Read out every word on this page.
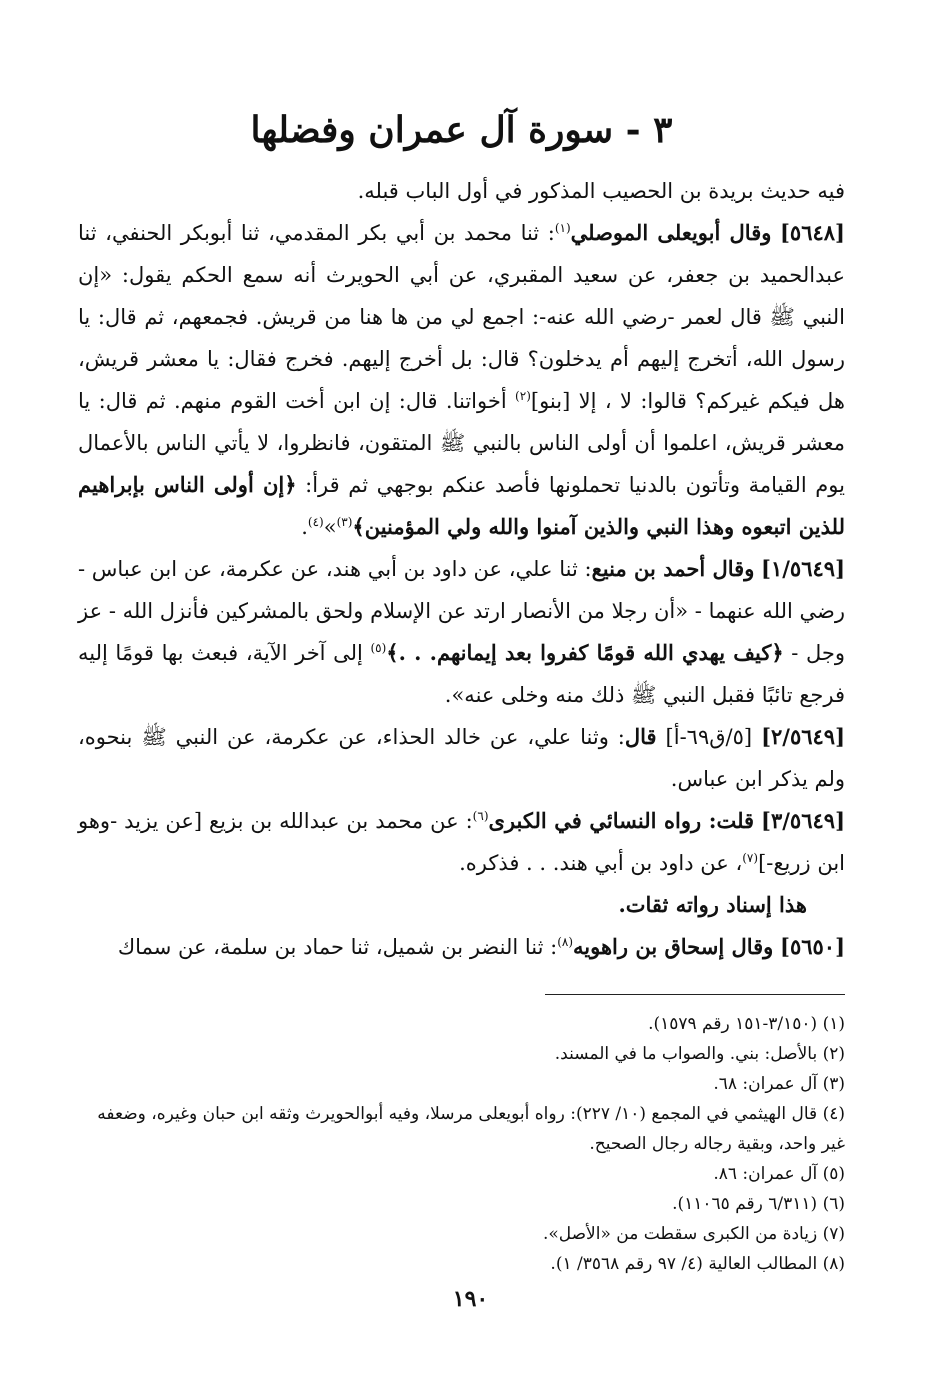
٣ - سورة آل عمران وفضلها

فيه حديث بريدة بن الحصيب المذكور في أول الباب قبله.

[٥٦٤٨] وقال أبويعلى الموصلي$^{(١)}$: ثنا محمد بن أبي بكر المقدمي، ثنا أبوبكر الحنفي، ثنا عبدالحميد بن جعفر، عن سعيد المقبري، عن أبي الحويرث أنه سمع الحكم يقول: «إن النبي ﷺ قال لعمر -رضي الله عنه-: اجمع لي من ها هنا من قريش. فجمعهم، ثم قال: يا رسول الله، أتخرج إليهم أم يدخلون؟ قال: بل أخرج إليهم. فخرج فقال: يا معشر قريش، هل فيكم غيركم؟ قالوا: لا ، إلا [بنو]$^{(٢)}$ أخواتنا. قال: إن ابن أخت القوم منهم. ثم قال: يا معشر قريش، اعلموا أن أولى الناس بالنبي ﷺ المتقون، فانظروا، لا يأتي الناس بالأعمال يوم القيامة وتأتون بالدنيا تحملونها فأصد عنكم بوجهي ثم قرأ: ﴿إن أولى الناس بإبراهيم للذين اتبعوه وهذا النبي والذين آمنوا والله ولي المؤمنين﴾$^{(٣)}$»$^{(٤)}$.

[١/٥٦٤٩] وقال أحمد بن منيع: ثنا علي، عن داود بن أبي هند، عن عكرمة، عن ابن عباس - رضي الله عنهما - «أن رجلا من الأنصار ارتد عن الإسلام ولحق بالمشركين فأنزل الله - عز وجل - ﴿كيف يهدي الله قومًا كفروا بعد إيمانهم. . .﴾$^{(٥)}$ إلى آخر الآية، فبعث بها قومًا إليه فرجع تائبًا فقبل النبي ﷺ ذلك منه وخلى عنه».

[٢/٥٦٤٩] [٥/ق٦٩-أ] قال: وثنا علي، عن خالد الحذاء، عن عكرمة، عن النبي ﷺ بنحوه، ولم يذكر ابن عباس.

[٣/٥٦٤٩] قلت: رواه النسائي في الكبرى$^{(٦)}$: عن محمد بن عبدالله بن بزيع [عن يزيد -وهو ابن زريع-]$^{(٧)}$، عن داود بن أبي هند. . . فذكره.

هذا إسناد رواته ثقات.

[٥٦٥٠] وقال إسحاق بن راهويه$^{(٨)}$: ثنا النضر بن شميل، ثنا حماد بن سلمة، عن سماك

(١) (٣/١٥٠-١٥١ رقم ١٥٧٩).

(٢) بالأصل: بني. والصواب ما في المسند.

(٣) آل عمران: ٦٨.

(٤) قال الهيثمي في المجمع (١٠/ ٢٢٧): رواه أبويعلى مرسلا، وفيه أبوالحويرث وثقه ابن حبان وغيره، وضعفه غير واحد، وبقية رجاله رجال الصحيح.

(٥) آل عمران: ٨٦.

(٦) (٦/٣١١ رقم ١١٠٦٥).

(٧) زيادة من الكبرى سقطت من «الأصل».

(٨) المطالب العالية (٤/ ٩٧ رقم ٣٥٦٨/ ١).

١٩٠
